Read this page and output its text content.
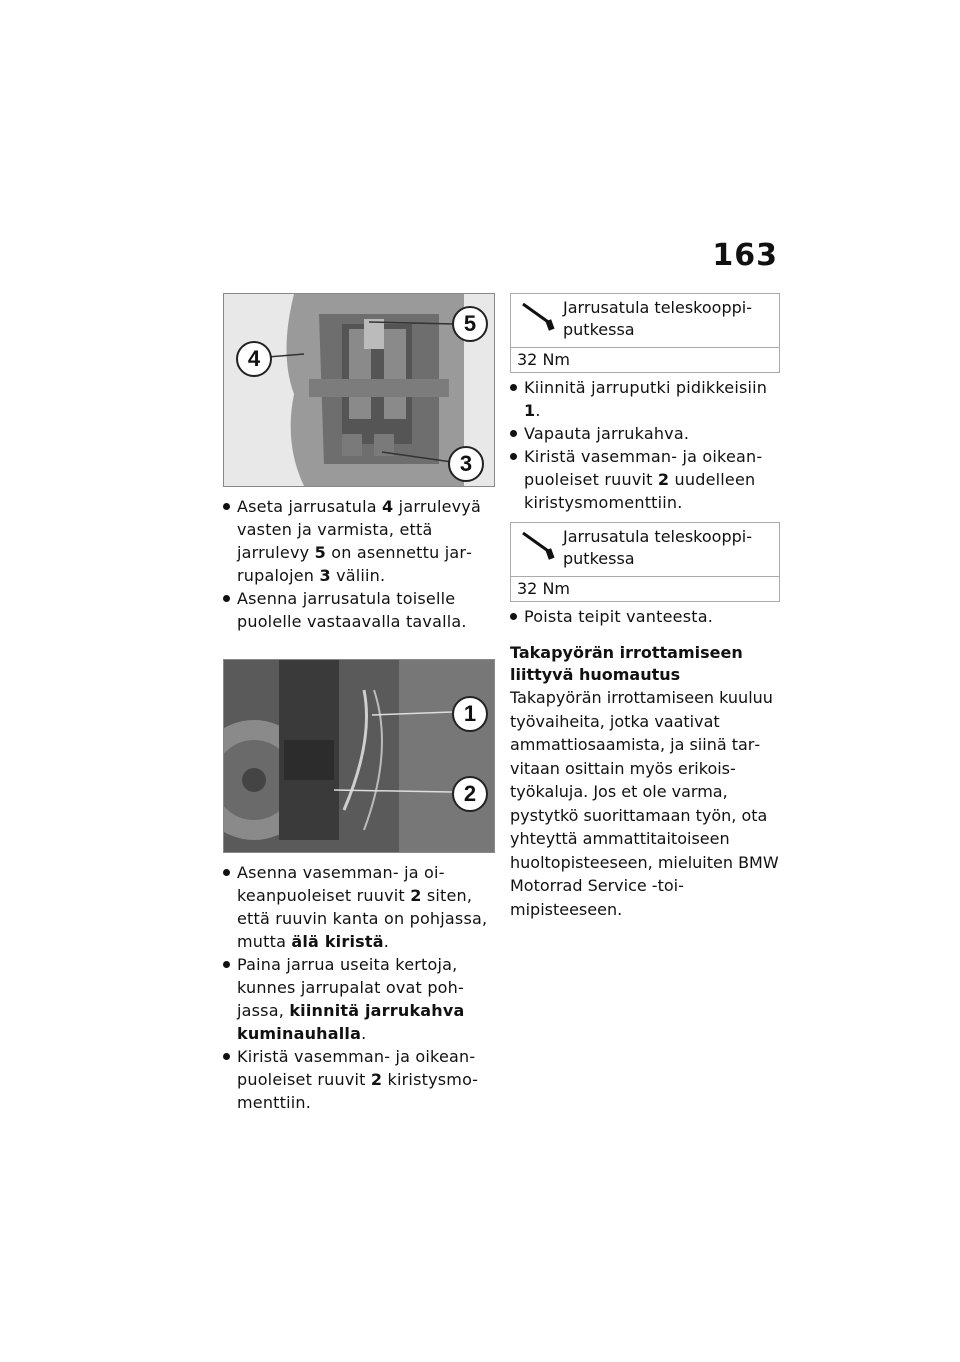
163
5
4
3
Aseta jarrusatula 4 jarrulevyä vasten ja varmista, että jarrulevy 5 on asennettu jarrupalojen 3 väliin.
Asenna jarrusatula toiselle puolelle vastaavalla tavalla.
1
2
Asenna vasemman- ja oikeanpuoleiset ruuvit 2 siten, että ruuvin kanta on pohjassa, mutta älä kiristä.
Paina jarrua useita kertoja, kunnes jarrupalat ovat pohjassa, kiinnitä jarrukahva kuminauhalla.
Kiristä vasemman- ja oikeanpuoleiset ruuvit 2 kiristysmomenttiin.
Jarrusatula teleskooppiputkessa
32 Nm
Kiinnitä jarruputki pidikkeisiin 1.
Vapauta jarrukahva.
Kiristä vasemman- ja oikeanpuoleiset ruuvit 2 uudelleen kiristysmomenttiin.
Jarrusatula teleskooppiputkessa
32 Nm
Poista teipit vanteesta.
Takapyörän irrottamiseen liittyvä huomautus

Takapyörän irrottamiseen kuuluu työvaiheita, jotka vaativat ammattiosaamista, ja siinä tarvitaan osittain myös erikoistyökaluja. Jos et ole varma, pystytkö suorittamaan työn, ota yhteyttä ammattitaitoiseen huoltopisteeseen, mieluiten BMW Motorrad Service -toimipisteeseen.
